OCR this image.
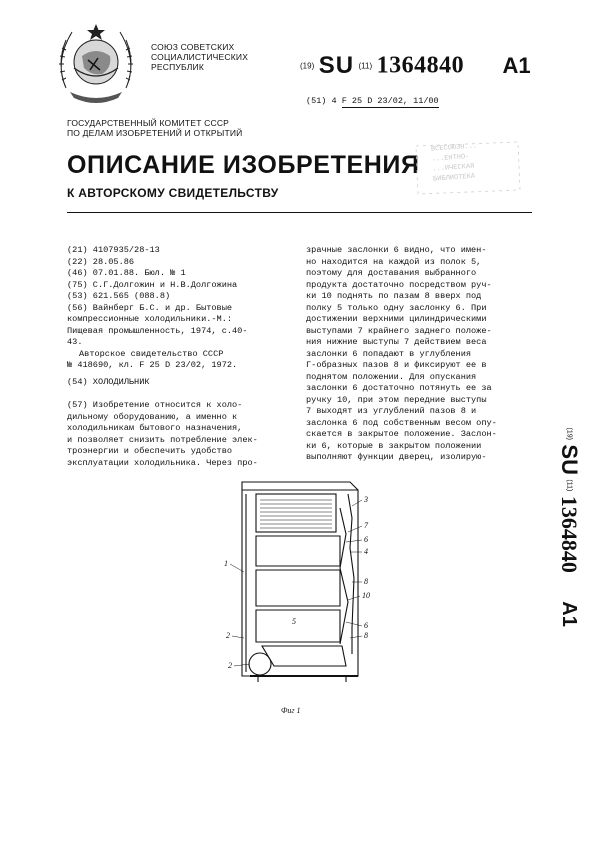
СОЮЗ СОВЕТСКИХ
СОЦИАЛИСТИЧЕСКИХ
РЕСПУБЛИК	(19) SU (11) 1364840 A1
(51) 4 F 25 D 23/02, 11/00
ГОСУДАРСТВЕННЫЙ КОМИТЕТ СССР
ПО ДЕЛАМ ИЗОБРЕТЕНИЙ И ОТКРЫТИЙ
ОПИСАНИЕ ИЗОБРЕТЕНИЯ
К АВТОРСКОМУ СВИДЕТЕЛЬСТВУ
ВСЕСОЮЗН...
...ЕНТНО-
...ИЧЕСКАЯ
БИБЛИОТЕКА
(21) 4107935/28-13
(22) 28.05.86
(46) 07.01.88. Бюл. № 1
(75) С.Г.Долгожин и Н.В.Долгожина
(53) 621.565 (088.8)
(56) Вайнберг Б.С. и др. Бытовые
компрессионные холодильники.-М.:
Пищевая промышленность, 1974, с.40-
43.
Авторское свидетельство СССР
№ 418690, кл. F 25 D 23/02, 1972.
(54) ХОЛОДИЛЬНИК
(57) Изобретение относится к холо-
дильному оборудованию, а именно к
холодильникам бытового назначения,
и позволяет снизить потребление элек-
троэнергии и обеспечить удобство
эксплуатации холодильника. Через про-
зрачные заслонки 6 видно, что имен-
но находится на каждой из полок 5,
поэтому для доставания выбранного
продукта достаточно посредством руч-
ки 10 поднять по пазам 8 вверх под
полку 5 только одну заслонку 6. При
достижении верхними цилиндрическими
выступами 7 крайнего заднего положе-
ния нижние выступы 7 действием веса
заслонки 6 попадают в углубления
Г-образных пазов 8 и фиксируют ее в
поднятом положении. Для опускания
заслонки 6 достаточно потянуть ее за
ручку 10, при этом передние выступы
7 выходят из углублений пазов 8 и
заслонка 6 под собственным весом опу-
скается в закрытое положение. Заслон-
ки 6, которые в закрытом положении
выполняют функции дверец, изолирую-
(19) SU (11) 1364840 A1
1
2
2
3
7
6
4
8
10
5	6
8
Фиг 1
